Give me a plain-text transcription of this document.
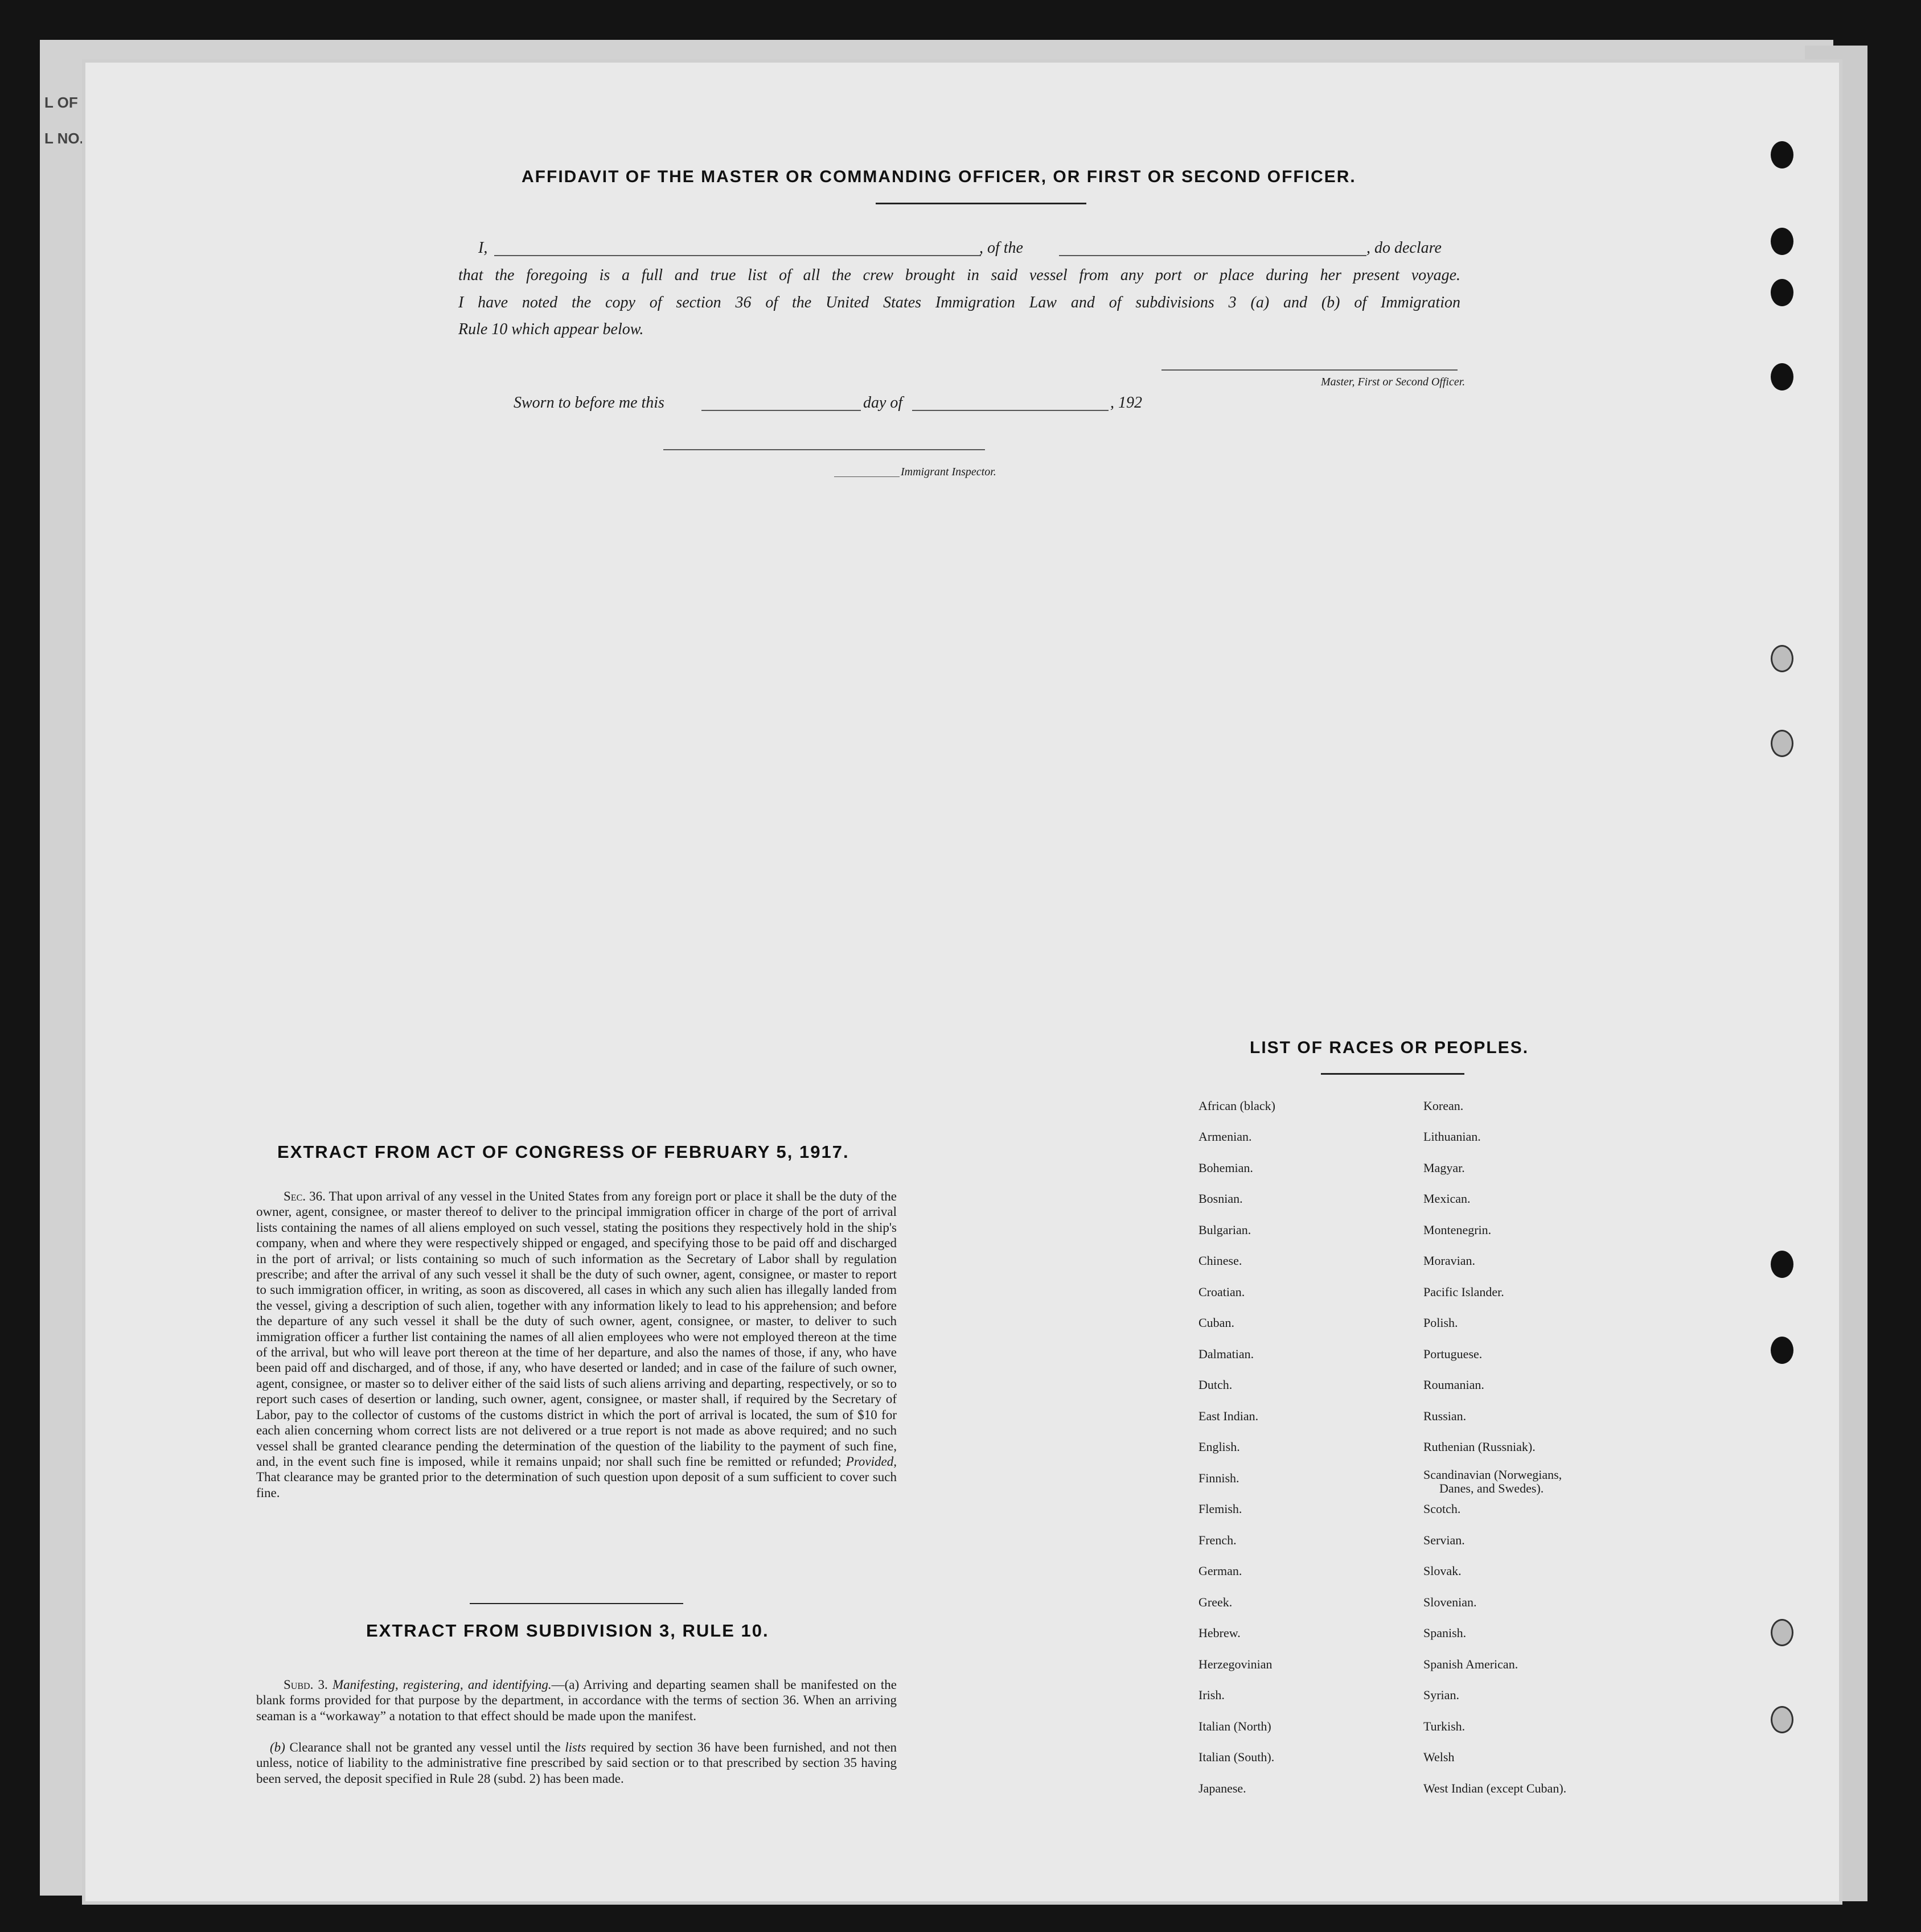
L OF
L NO.
AFFIDAVIT OF THE MASTER OR COMMANDING OFFICER, OR FIRST OR SECOND OFFICER.
I,	, of the	, do declare
that the foregoing is a full and true list of all the crew brought in said vessel from any port or place during her present voyage.
I have noted the copy of section 36 of the United States Immigration Law and of subdivisions 3 (a) and (b) of Immigration
Rule 10 which appear below.
Master, First or Second Officer.
Sworn to before me this	day of	, 192
Immigrant Inspector.
EXTRACT FROM ACT OF CONGRESS OF FEBRUARY 5, 1917.
Sec. 36. That upon arrival of any vessel in the United States from any foreign port or place it shall be the duty of the owner, agent, consignee, or master thereof to deliver to the principal immigration officer in charge of the port of arrival lists containing the names of all aliens employed on such vessel, stating the positions they respectively hold in the ship's company, when and where they were respectively shipped or engaged, and specifying those to be paid off and discharged in the port of arrival; or lists containing so much of such information as the Secretary of Labor shall by regulation prescribe; and after the arrival of any such vessel it shall be the duty of such owner, agent, consignee, or master to report to such immigration officer, in writing, as soon as discovered, all cases in which any such alien has illegally landed from the vessel, giving a description of such alien, together with any information likely to lead to his apprehension; and before the departure of any such vessel it shall be the duty of such owner, agent, consignee, or master, to deliver to such immigration officer a further list containing the names of all alien employees who were not employed thereon at the time of the arrival, but who will leave port thereon at the time of her departure, and also the names of those, if any, who have been paid off and discharged, and of those, if any, who have deserted or landed; and in case of the failure of such owner, agent, consignee, or master so to deliver either of the said lists of such aliens arriving and departing, respectively, or so to report such cases of desertion or landing, such owner, agent, consignee, or master shall, if required by the Secretary of Labor, pay to the collector of customs of the customs district in which the port of arrival is located, the sum of $10 for each alien concerning whom correct lists are not delivered or a true report is not made as above required; and no such vessel shall be granted clearance pending the determination of the question of the liability to the payment of such fine, and, in the event such fine is imposed, while it remains unpaid; nor shall such fine be remitted or refunded; Provided, That clearance may be granted prior to the determination of such question upon deposit of a sum sufficient to cover such fine.
EXTRACT FROM SUBDIVISION 3, RULE 10.
Subd. 3. Manifesting, registering, and identifying.—(a) Arriving and departing seamen shall be manifested on the blank forms provided for that purpose by the department, in accordance with the terms of section 36. When an arriving seaman is a “workaway” a notation to that effect should be made upon the manifest.
(b) Clearance shall not be granted any vessel until the lists required by section 36 have been furnished, and not then unless, notice of liability to the administrative fine prescribed by said section or to that prescribed by section 35 having been served, the deposit specified in Rule 28 (subd. 2) has been made.
LIST OF RACES OR PEOPLES.
African (black)
Armenian.
Bohemian.
Bosnian.
Bulgarian.
Chinese.
Croatian.
Cuban.
Dalmatian.
Dutch.
East Indian.
English.
Finnish.
Flemish.
French.
German.
Greek.
Hebrew.
Herzegovinian
Irish.
Italian (North)
Italian (South).
Japanese.
Korean.
Lithuanian.
Magyar.
Mexican.
Montenegrin.
Moravian.
Pacific Islander.
Polish.
Portuguese.
Roumanian.
Russian.
Ruthenian (Russniak).
Scandinavian (Norwegians,
Danes, and Swedes).
Scotch.
Servian.
Slovak.
Slovenian.
Spanish.
Spanish American.
Syrian.
Turkish.
Welsh
West Indian (except Cuban).
